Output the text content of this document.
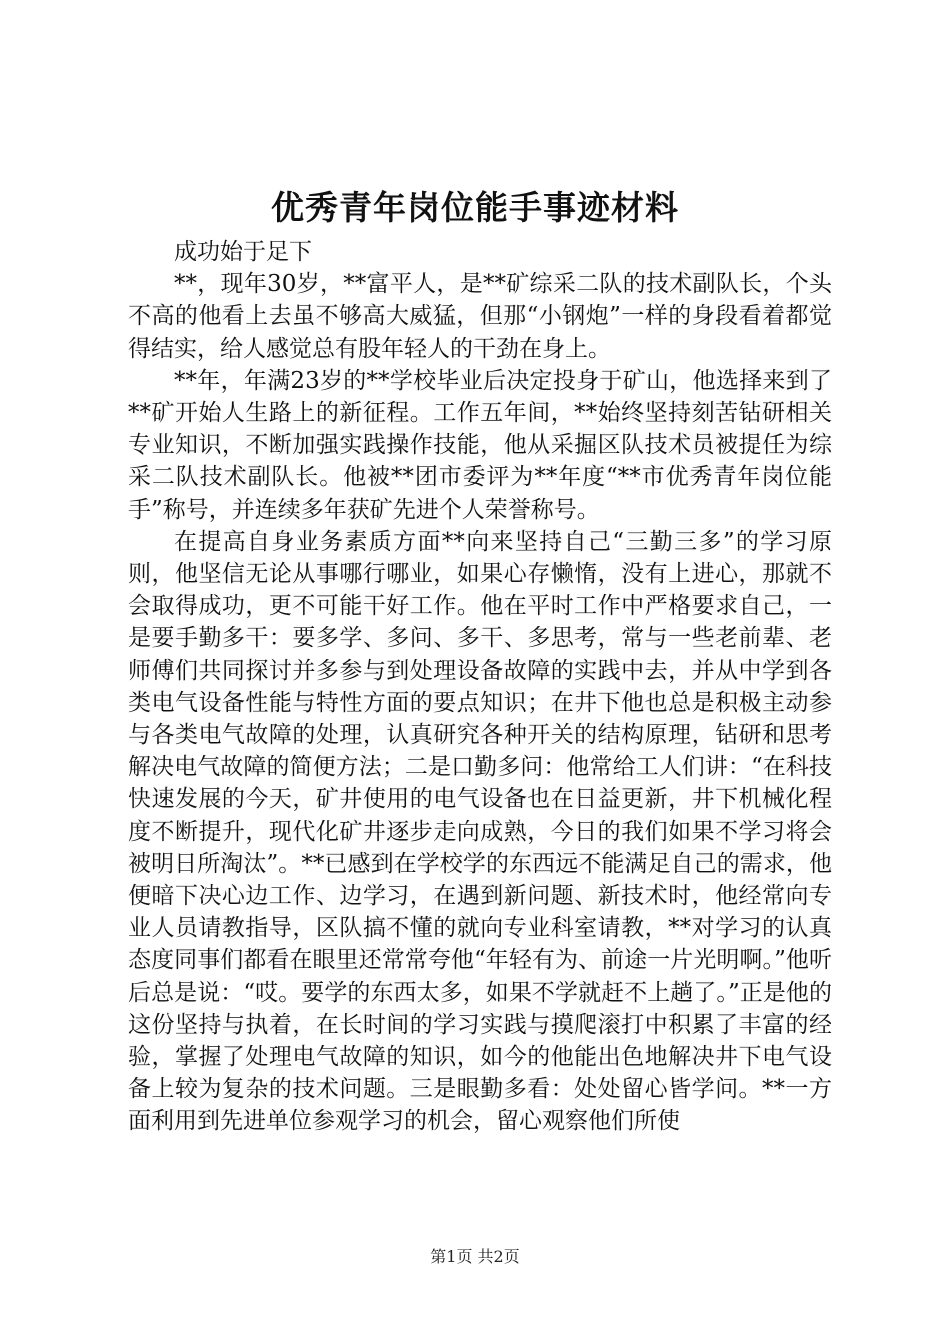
优秀青年岗位能手事迹材料

成功始于足下

**，现年30岁，**富平人，是**矿综采二队的技术副队长，个头不高的他看上去虽不够高大威猛，但那“小钢炮”一样的身段看着都觉得结实，给人感觉总有股年轻人的干劲在身上。

**年，年满23岁的**学校毕业后决定投身于矿山，他选择来到了**矿开始人生路上的新征程。工作五年间，**始终坚持刻苦钻研相关专业知识，不断加强实践操作技能，他从采掘区队技术员被提任为综采二队技术副队长。他被**团市委评为**年度“**市优秀青年岗位能手”称号，并连续多年获矿先进个人荣誉称号。

在提高自身业务素质方面**向来坚持自己“三勤三多”的学习原则，他坚信无论从事哪行哪业，如果心存懒惰，没有上进心，那就不会取得成功，更不可能干好工作。他在平时工作中严格要求自己，一是要手勤多干：要多学、多问、多干、多思考，常与一些老前辈、老师傅们共同探讨并多参与到处理设备故障的实践中去，并从中学到各类电气设备性能与特性方面的要点知识；在井下他也总是积极主动参与各类电气故障的处理，认真研究各种开关的结构原理，钻研和思考解决电气故障的简便方法；二是口勤多问：他常给工人们讲：“在科技快速发展的今天，矿井使用的电气设备也在日益更新，井下机械化程度不断提升，现代化矿井逐步走向成熟，今日的我们如果不学习将会被明日所淘汰”。**已感到在学校学的东西远不能满足自己的需求，他便暗下决心边工作、边学习，在遇到新问题、新技术时，他经常向专业人员请教指导，区队搞不懂的就向专业科室请教，**对学习的认真态度同事们都看在眼里还常常夸他“年轻有为、前途一片光明啊。”他听后总是说：“哎。要学的东西太多，如果不学就赶不上趟了。”正是他的这份坚持与执着，在长时间的学习实践与摸爬滚打中积累了丰富的经验，掌握了处理电气故障的知识，如今的他能出色地解决井下电气设备上较为复杂的技术问题。三是眼勤多看：处处留心皆学问。**一方面利用到先进单位参观学习的机会，留心观察他们所使

第1页 共2页
